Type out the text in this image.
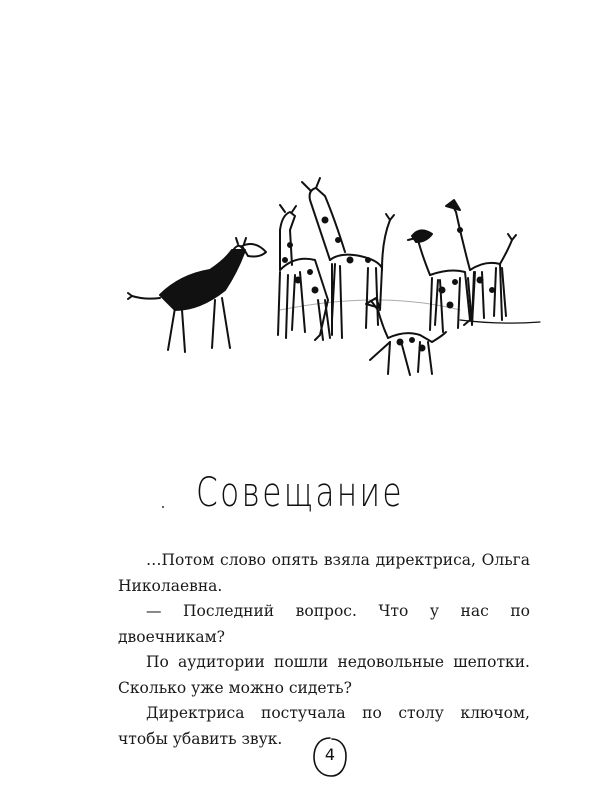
Совещание

…Потом слово опять взяла директриса, Ольга Николаевна.

— Последний вопрос. Что у нас по двоечникам?

По аудитории пошли недовольные шепотки. Сколько уже можно сидеть?

Директриса постучала по столу ключом, чтобы убавить звук.

4
